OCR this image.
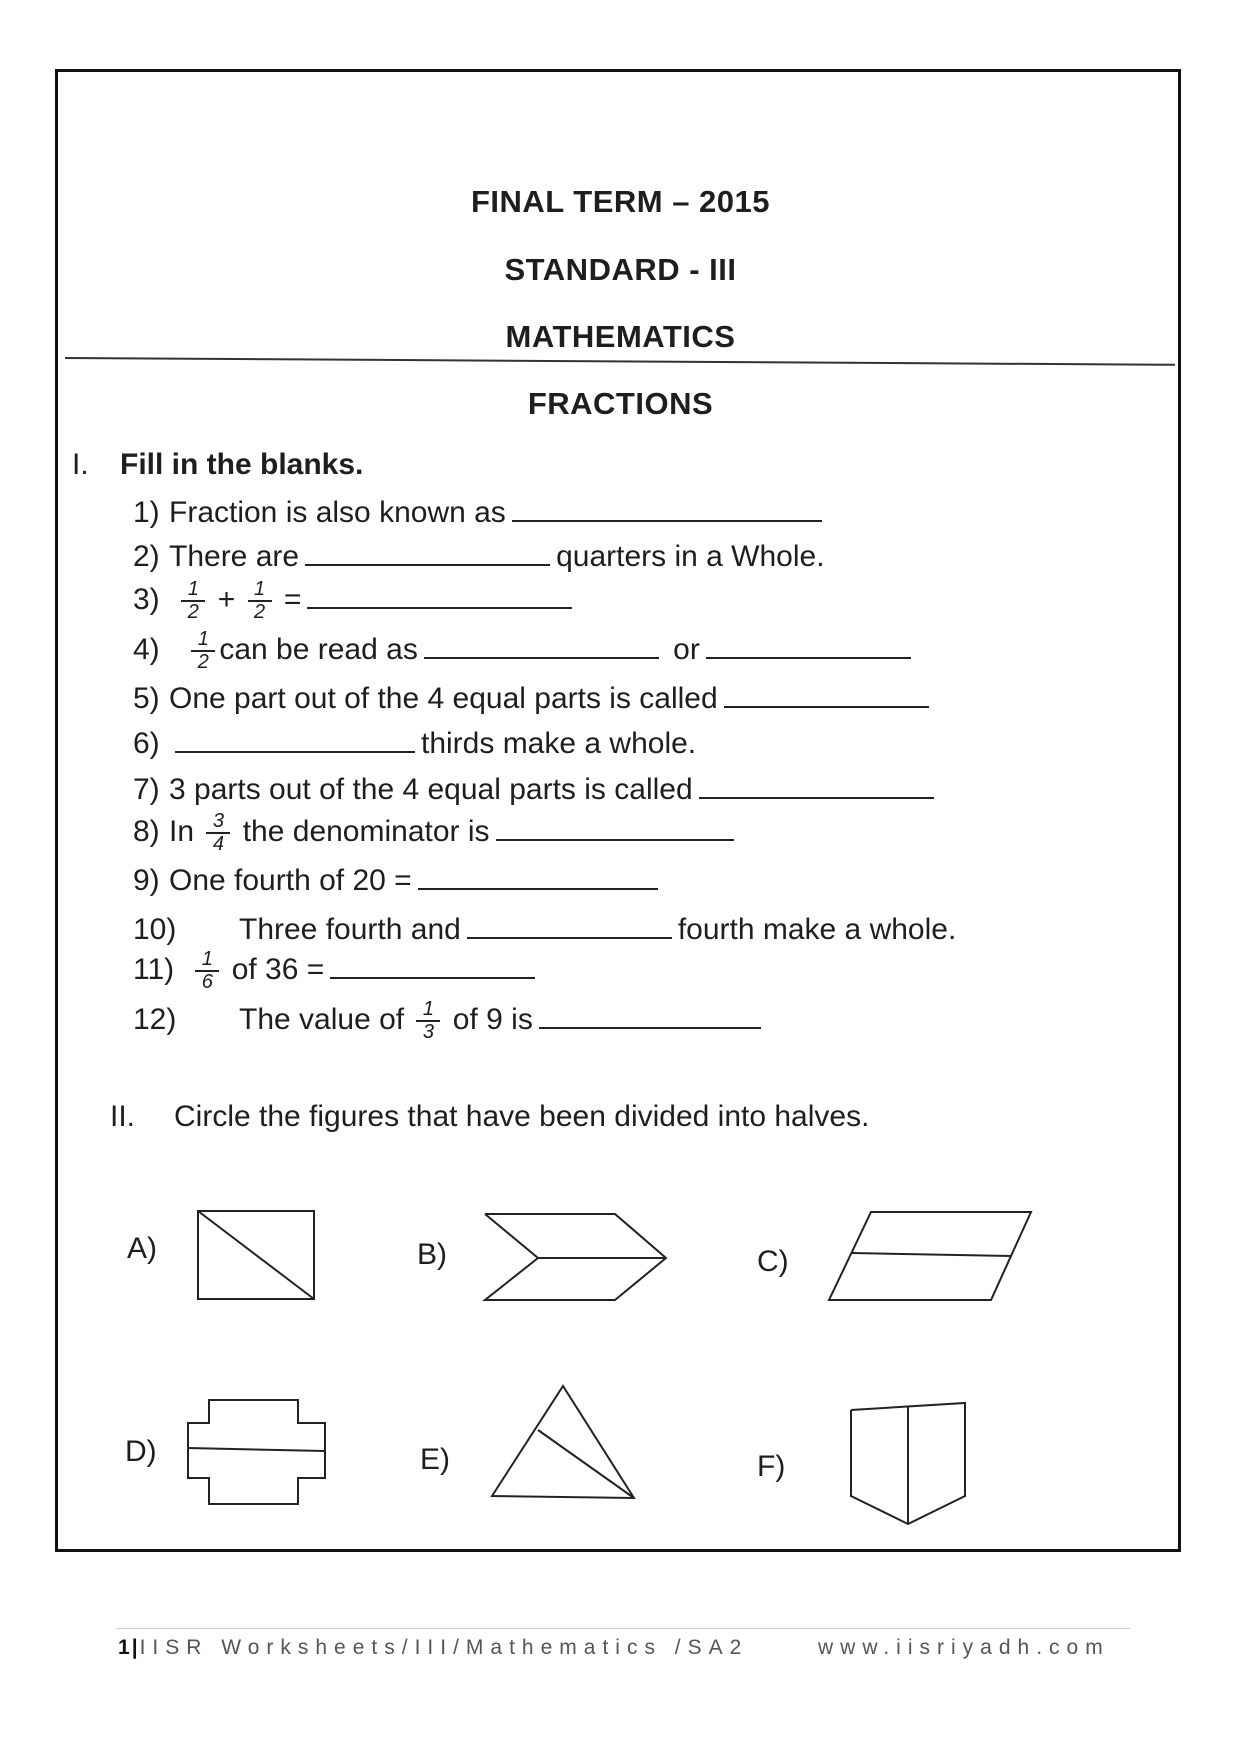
FINAL TERM – 2015
STANDARD - III
MATHEMATICS
FRACTIONS
I. Fill in the blanks.
1) Fraction is also known as
2) There are	quarters in a Whole.
$3) \frac{1}{2} + \frac{1}{2}$ =
$4) \frac{1}{2}$ can be read as	or
5) One part out of the 4 equal parts is called
6)	thirds make a whole.
7) 3 parts out of the 4 equal parts is called
8) In $\frac{3}{4}$ the denominator is
9) One fourth of 20 =
10) Three fourth and	fourth make a whole.
$11) \frac{1}{6}$ of 36 =
12) The value of $\frac{1}{3}$ of 9 is
II. Circle the figures that have been divided into halves.
A)	B)	C)
D)	E)	F)
1|IISR Worksheets/III/Mathematics /SA2	www.iisriyadh.com
